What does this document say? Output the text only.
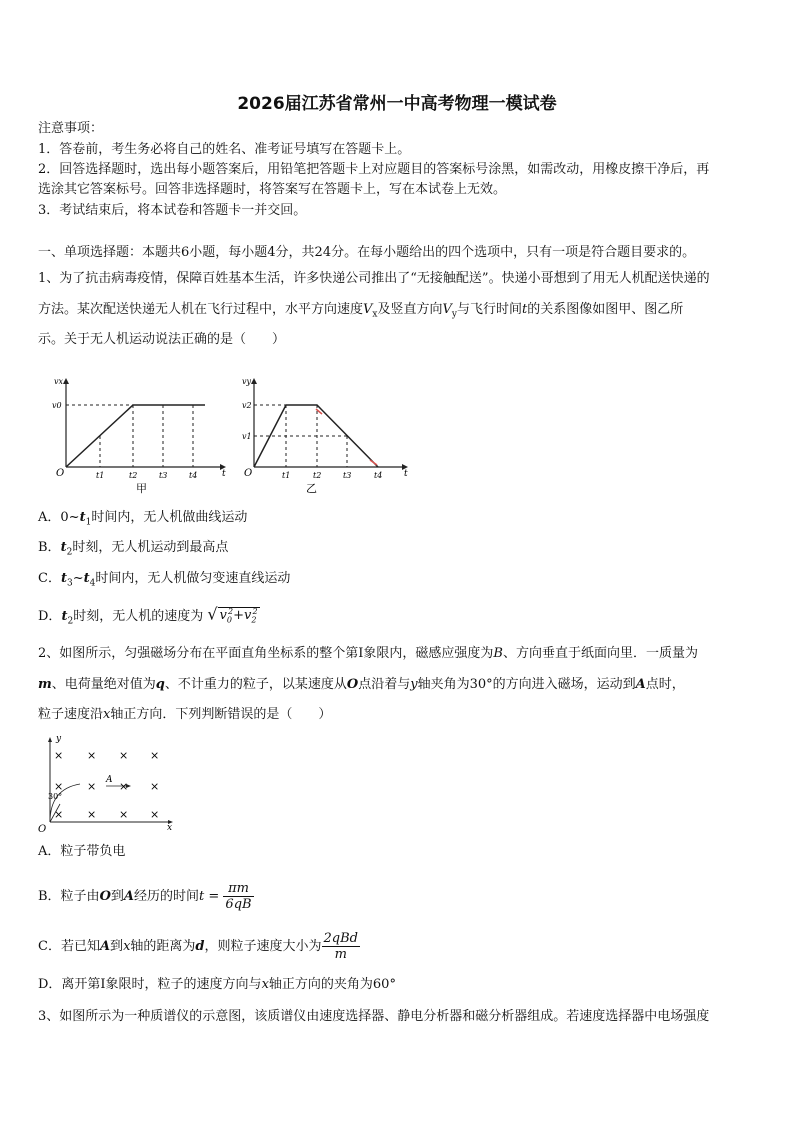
2026届江苏省常州一中高考物理一模试卷
注意事项：
1．答卷前，考生务必将自己的姓名、准考证号填写在答题卡上。
2．回答选择题时，选出每小题答案后，用铅笔把答题卡上对应题目的答案标号涂黑，如需改动，用橡皮擦干净后，再
选涂其它答案标号。回答非选择题时，将答案写在答题卡上，写在本试卷上无效。
3．考试结束后，将本试卷和答题卡一并交回。
一、单项选择题：本题共6小题，每小题4分，共24分。在每小题给出的四个选项中，只有一项是符合题目要求的。
1、为了抗击病毒疫情，保障百姓基本生活，许多快递公司推出了“无接触配送”。快递小哥想到了用无人机配送快递的
方法。某次配送快递无人机在飞行过程中，水平方向速度$V_x$及竖直方向$V_y$与飞行时间t的关系图像如图甲、图乙所
示。关于无人机运动说法正确的是（　　）
vx
v0
O	t1	t2	t3	t4	t
甲
vy
v2
v1
O	t1	t2	t3	t4 t
乙
A．$0\sim t_1$时间内，无人机做曲线运动
B．$t_2$时刻，无人机运动到最高点
C．$t_3\sim t_4$时间内，无人机做匀变速直线运动
D．$t_2$时刻，无人机的速度为 √ $v_0^2+v_2^2$
2、如图所示，匀强磁场分布在平面直角坐标系的整个第Ⅰ象限内，磁感应强度为B、方向垂直于纸面向里．一质量为
m、电荷量绝对值为q、不计重力的粒子，以某速度从O点沿着与y轴夹角为30°的方向进入磁场，运动到A点时，
粒子速度沿x轴正方向．下列判断错误的是（　　）
y
x
O
A
30°
× × × ×
× × × ×
× × × ×
A．粒子带负电
B．粒子由O到A经历的时间$t = \frac{\pi m}{6qB}$
C．若已知A到x轴的距离为d，则粒子速度大小为 $\frac{\text{2qBd}}{m}$
D．离开第Ⅰ象限时，粒子的速度方向与x轴正方向的夹角为60°
3、如图所示为一种质谱仪的示意图，该质谱仪由速度选择器、静电分析器和磁分析器组成。若速度选择器中电场强度
